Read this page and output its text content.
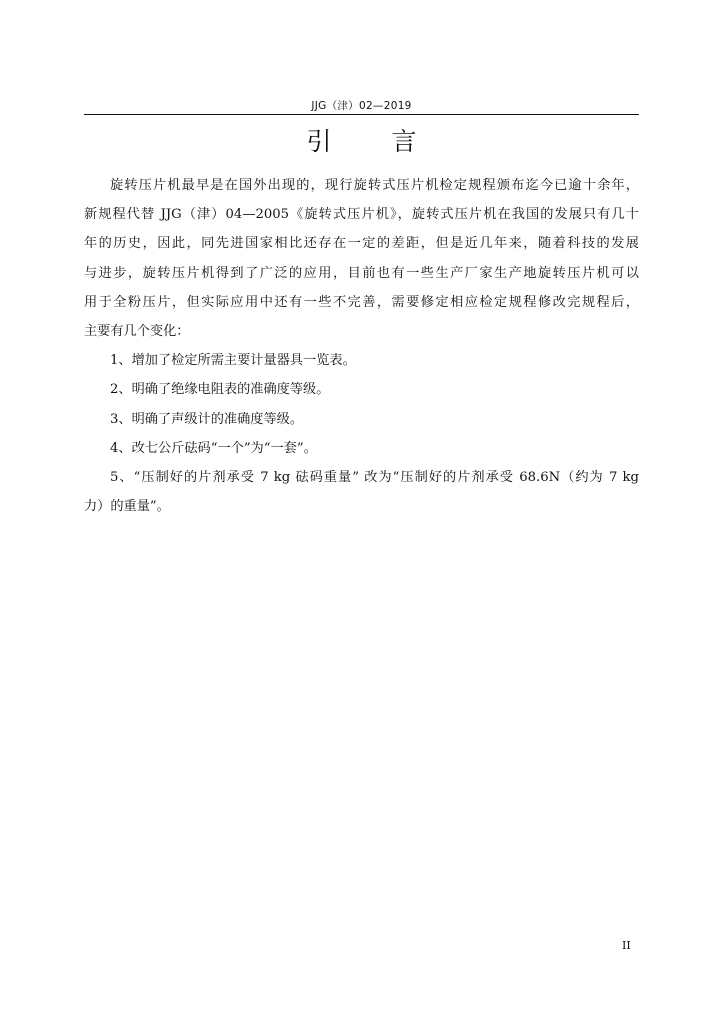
JJG（津）02—2019
引 言
旋转压片机最早是在国外出现的，现行旋转式压片机检定规程颁布迄今已逾十余年，
新规程代替 JJG（津）04—2005《旋转式压片机》，旋转式压片机在我国的发展只有几十
年的历史，因此，同先进国家相比还存在一定的差距，但是近几年来，随着科技的发展
与进步，旋转压片机得到了广泛的应用，目前也有一些生产厂家生产地旋转压片机可以
用于全粉压片，但实际应用中还有一些不完善，需要修定相应检定规程修改完规程后，
主要有几个变化：
1、增加了检定所需主要计量器具一览表。
2、明确了绝缘电阻表的准确度等级。
3、明确了声级计的准确度等级。
4、改七公斤砝码“一个”为“一套”。
5、“压制好的片剂承受 7 kg 砝码重量” 改为“压制好的片剂承受 68.6N（约为 7 kg
力）的重量”。
II
